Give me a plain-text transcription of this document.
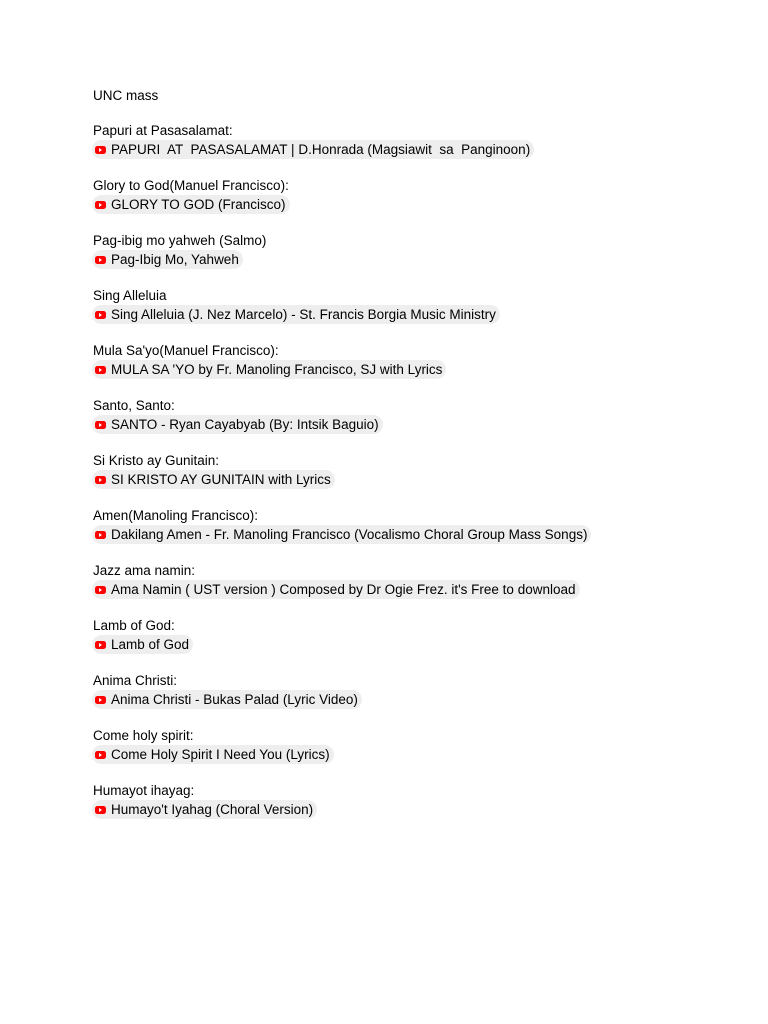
UNC mass
Papuri at Pasasalamat:
PAPURI  AT  PASASALAMAT | D.Honrada (Magsiawit  sa  Panginoon)
Glory to God(Manuel Francisco):
GLORY TO GOD (Francisco)
Pag-ibig mo yahweh (Salmo)
Pag-Ibig Mo, Yahweh
Sing Alleluia
Sing Alleluia (J. Nez Marcelo) - St. Francis Borgia Music Ministry
Mula Sa'yo(Manuel Francisco):
MULA SA 'YO by Fr. Manoling Francisco, SJ with Lyrics
Santo, Santo:
SANTO - Ryan Cayabyab (By: Intsik Baguio)
Si Kristo ay Gunitain:
SI KRISTO AY GUNITAIN with Lyrics
Amen(Manoling Francisco):
Dakilang Amen - Fr. Manoling Francisco (Vocalismo Choral Group Mass Songs)
Jazz ama namin:
Ama Namin ( UST version ) Composed by Dr Ogie Frez. it's Free to download
Lamb of God:
Lamb of God
Anima Christi:
Anima Christi - Bukas Palad (Lyric Video)
Come holy spirit:
Come Holy Spirit I Need You (Lyrics)
Humayot ihayag:
Humayo't Iyahag (Choral Version)
